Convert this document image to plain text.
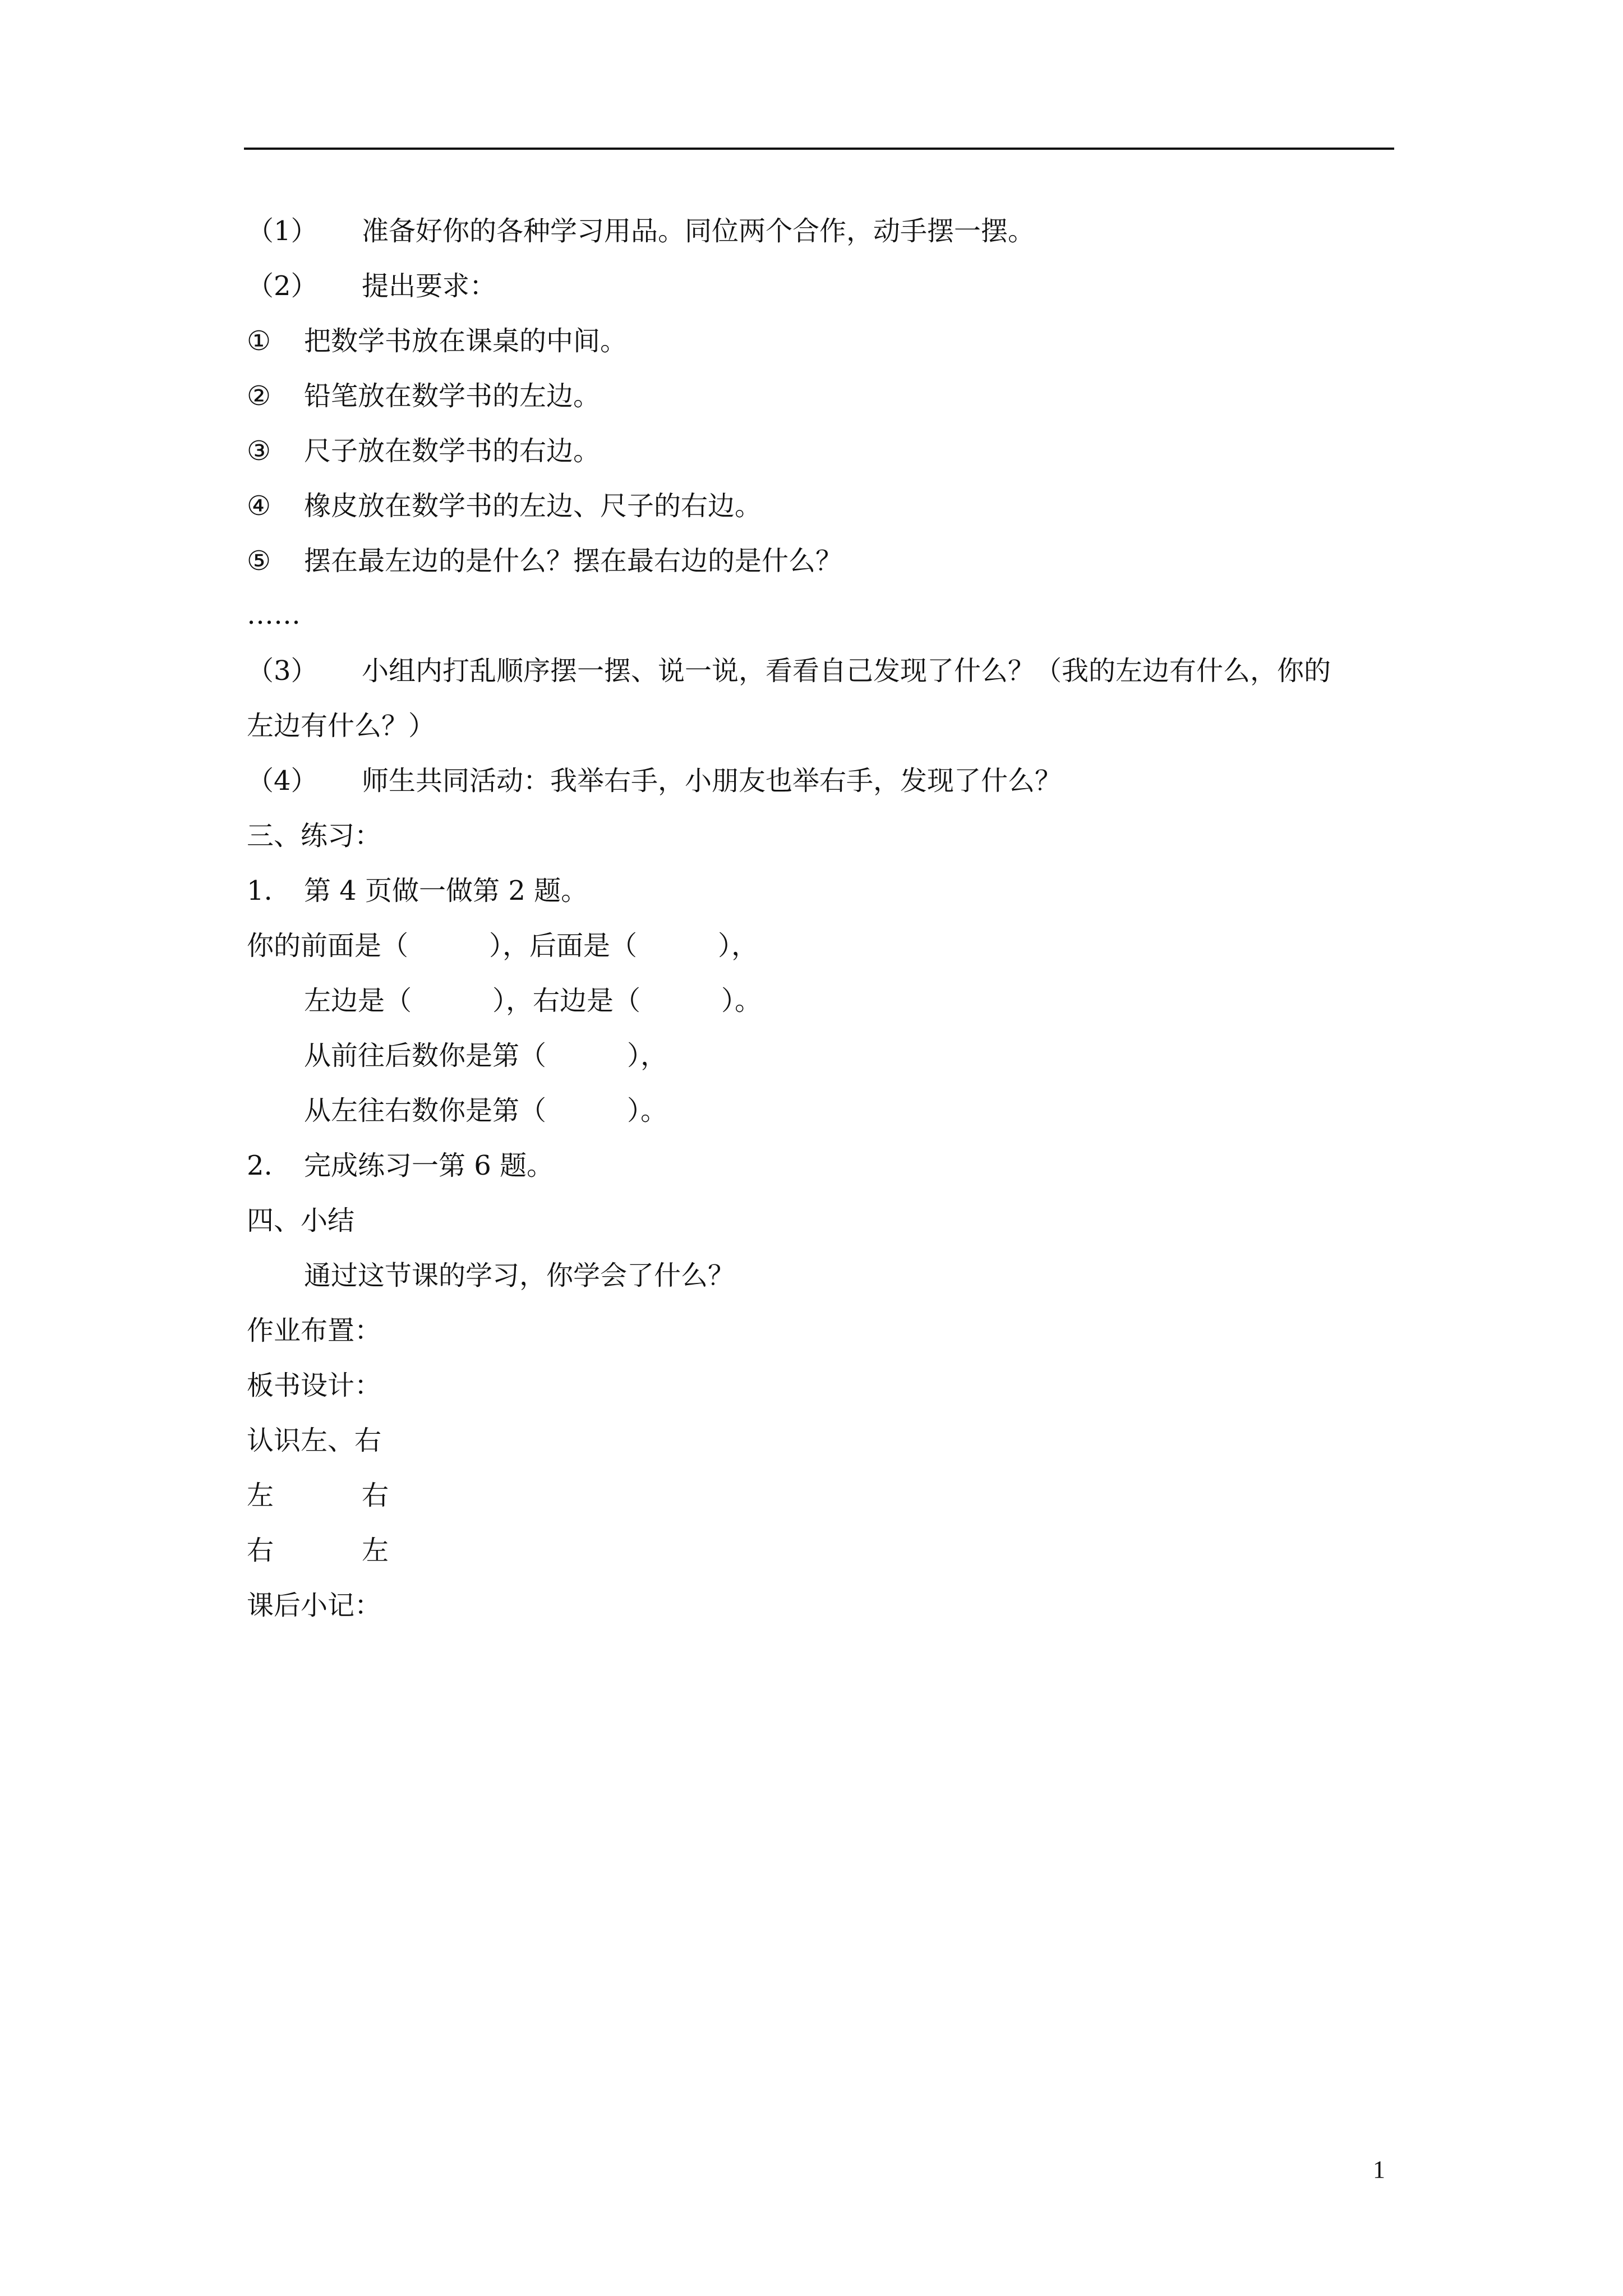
（1）

准备好你的各种学习用品。同位两个合作，动手摆一摆。

（2）

提出要求：

①

把数学书放在课桌的中间。

②

铅笔放在数学书的左边。

③

尺子放在数学书的右边。

④

橡皮放在数学书的左边、尺子的右边。

⑤

摆在最左边的是什么？摆在最右边的是什么？

……

（3）

小组内打乱顺序摆一摆、说一说，看看自己发现了什么？（我的左边有什么，你的

左边有什么？）

（4）

师生共同活动：我举右手，小朋友也举右手，发现了什么？

三、练习：

1.

第 4 页做一做第 2 题。

你的前面是（　　　），后面是（　　　），
左边是（　　　），右边是（　　　）。
从前往后数你是第（　　　），
从左往右数你是第（　　　）。

2.

完成练习一第 6 题。

四、小结
通过这节课的学习，你学会了什么？
作业布置：
板书设计：
认识左、右

左

	右

右

	左

课后小记：
1
